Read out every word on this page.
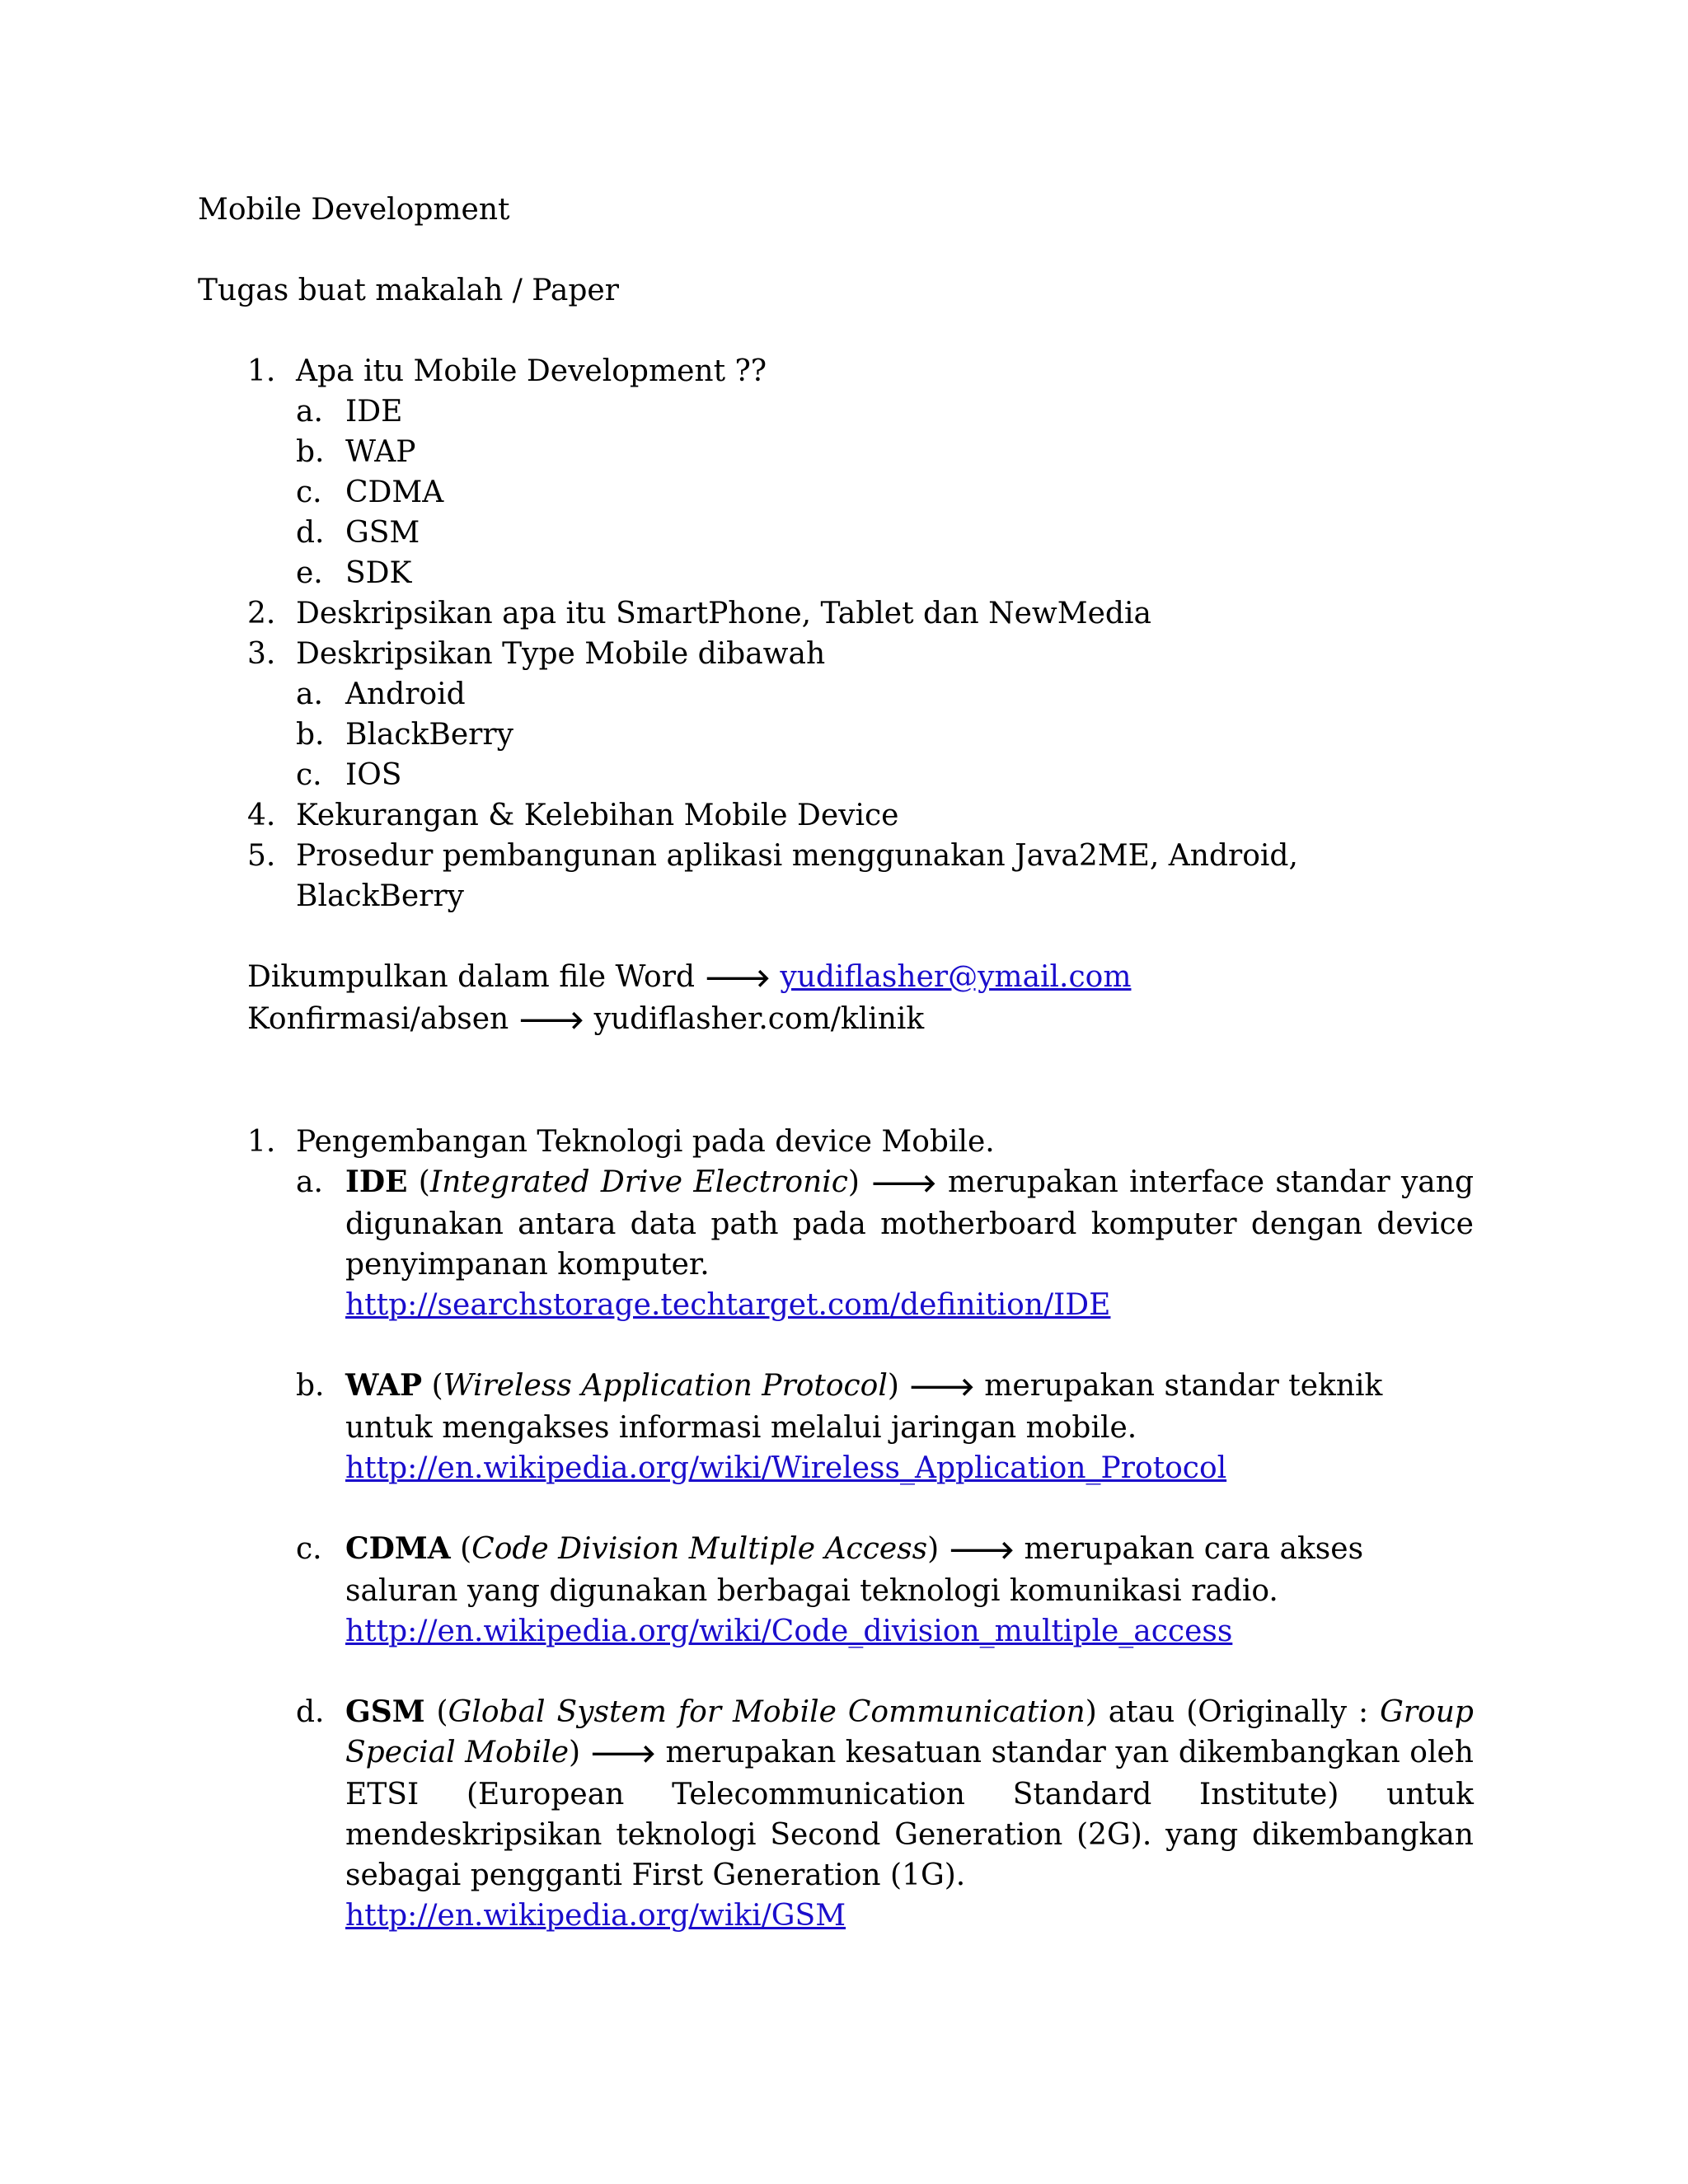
Mobile Development

Tugas buat makalah / Paper

1. Apa itu Mobile Development ??
a. IDE
b. WAP
c. CDMA
d. GSM
e. SDK
2. Deskripsikan apa itu SmartPhone, Tablet dan NewMedia
3. Deskripsikan Type Mobile dibawah
a. Android
b. BlackBerry
c. IOS
4. Kekurangan & Kelebihan Mobile Device
5. Prosedur pembangunan aplikasi menggunakan Java2ME, Android, BlackBerry

Dikumpulkan dalam file Word 🡒 yudiflasher@ymail.com

Konfirmasi/absen 🡒 yudiflasher.com/klinik

1. Pengembangan Teknologi pada device Mobile.
a. IDE (Integrated Drive Electronic) 🡒 merupakan interface standar yang digunakan antara data path pada motherboard komputer dengan device penyimpanan komputer.
http://searchstorage.techtarget.com/definition/IDE
b. WAP (Wireless Application Protocol) 🡒 merupakan standar teknik untuk mengakses informasi melalui jaringan mobile.
http://en.wikipedia.org/wiki/Wireless_Application_Protocol
c. CDMA (Code Division Multiple Access) 🡒 merupakan cara akses saluran yang digunakan berbagai teknologi komunikasi radio.
http://en.wikipedia.org/wiki/Code_division_multiple_access
d. GSM (Global System for Mobile Communication) atau (Originally : Group Special Mobile) 🡒 merupakan kesatuan standar yan dikembangkan oleh ETSI (European Telecommunication Standard Institute) untuk mendeskripsikan teknologi Second Generation (2G). yang dikembangkan sebagai pengganti First Generation (1G).
http://en.wikipedia.org/wiki/GSM
